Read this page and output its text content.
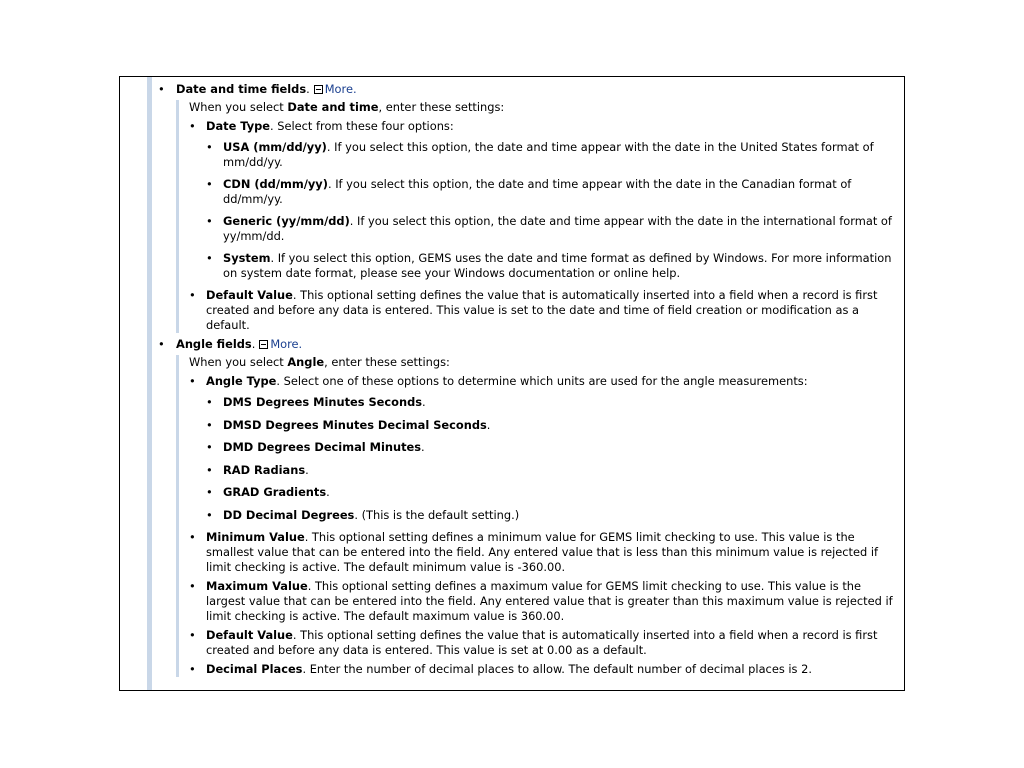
• Date and time fields. More.
When you select Date and time, enter these settings:
• Date Type. Select from these four options:
• USA (mm/dd/yy). If you select this option, the date and time appear with the date in the United States format of mm/dd/yy.
• CDN (dd/mm/yy). If you select this option, the date and time appear with the date in the Canadian format of dd/mm/yy.
• Generic (yy/mm/dd). If you select this option, the date and time appear with the date in the international format of yy/mm/dd.
• System. If you select this option, GEMS uses the date and time format as defined by Windows. For more information on system date format, please see your Windows documentation or online help.
• Default Value. This optional setting defines the value that is automatically inserted into a field when a record is first created and before any data is entered. This value is set to the date and time of field creation or modification as a default.
• Angle fields. More.
When you select Angle, enter these settings:
• Angle Type. Select one of these options to determine which units are used for the angle measurements:
• DMS Degrees Minutes Seconds.
• DMSD Degrees Minutes Decimal Seconds.
• DMD Degrees Decimal Minutes.
• RAD Radians.
• GRAD Gradients.
• DD Decimal Degrees. (This is the default setting.)
• Minimum Value. This optional setting defines a minimum value for GEMS limit checking to use. This value is the smallest value that can be entered into the field. Any entered value that is less than this minimum value is rejected if limit checking is active. The default minimum value is -360.00.
• Maximum Value. This optional setting defines a maximum value for GEMS limit checking to use. This value is the largest value that can be entered into the field. Any entered value that is greater than this maximum value is rejected if limit checking is active. The default maximum value is 360.00.
• Default Value. This optional setting defines the value that is automatically inserted into a field when a record is first created and before any data is entered. This value is set at 0.00 as a default.
• Decimal Places. Enter the number of decimal places to allow. The default number of decimal places is 2.
